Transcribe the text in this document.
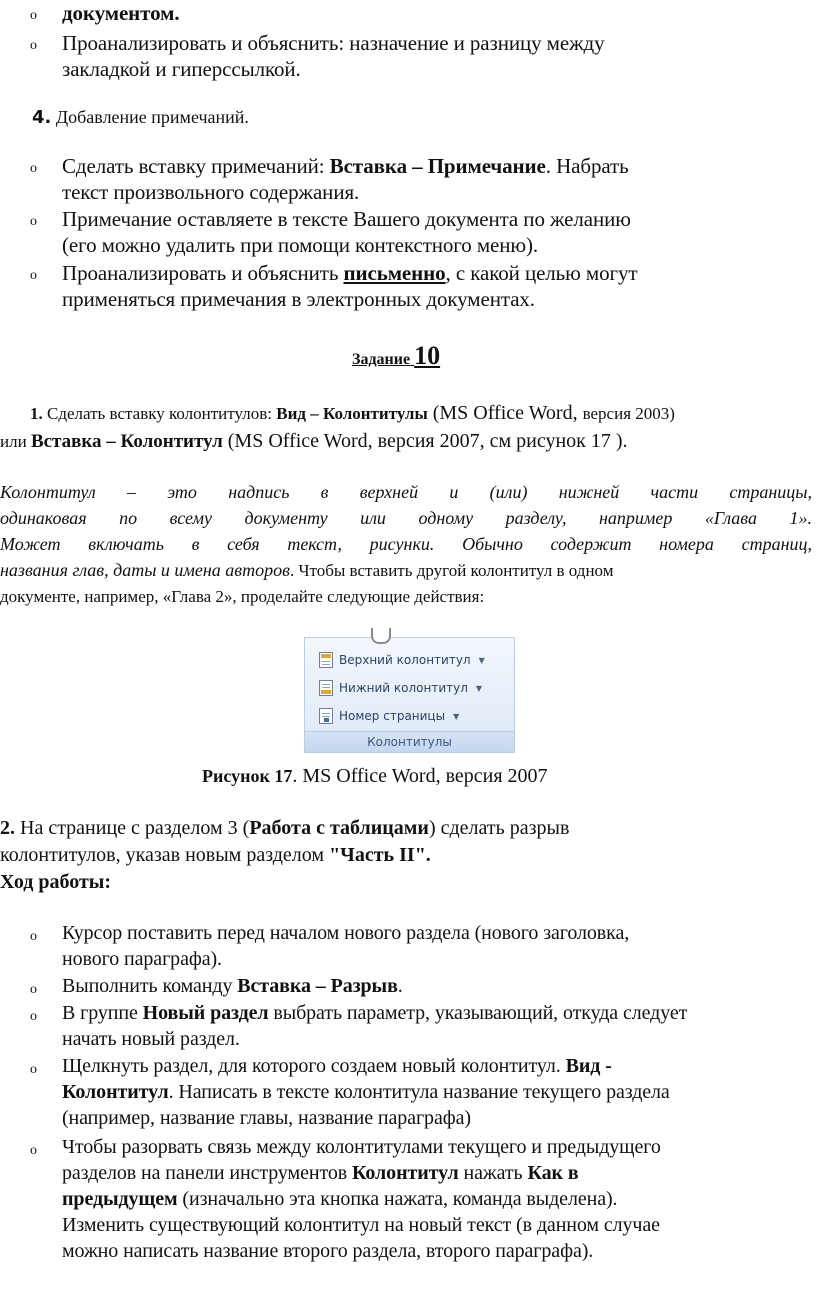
o документом.
o Проанализировать и объяснить: назначение и разницу между
закладкой и гиперссылкой.
4. Добавление примечаний.
o Сделать вставку примечаний: Вставка – Примечание. Набрать
текст произвольного содержания.
o Примечание оставляете в тексте Вашего документа по желанию
(его можно удалить при помощи контекстного меню).
o Проанализировать и объяснить письменно, с какой целью могут
применяться примечания в электронных документах.
Задание 10
1. Сделать вставку колонтитулов: Вид – Колонтитулы (MS Office Word, версия 2003)
или Вставка – Колонтитул (MS Office Word, версия 2007, см рисунок 17 ).
Колонтитул – это надпись в верхней и (или) нижней части страницы,
одинаковая по всему документу или одному разделу, например «Глава 1».
Может включать в себя текст, рисунки. Обычно содержит номера страниц,
названия глав, даты и имена авторов. Чтобы вставить другой колонтитул в одном
документе, например, «Глава 2», проделайте следующие действия:
Верхний колонтитул ▼
Нижний колонтитул ▼
Номер страницы ▼
Колонтитулы
Рисунок 17. MS Office Word, версия 2007
2. На странице с разделом 3 (Работа с таблицами) сделать разрыв
колонтитулов, указав новым разделом "Часть II".
Ход работы:
o Курсор поставить перед началом нового раздела (нового заголовка,
нового параграфа).
o Выполнить команду Вставка – Разрыв.
o В группе Новый раздел выбрать параметр, указывающий, откуда следует
начать новый раздел.
o Щелкнуть раздел, для которого создаем новый колонтитул. Вид -
Колонтитул. Написать в тексте колонтитула название текущего раздела
(например, название главы, название параграфа)
o Чтобы разорвать связь между колонтитулами текущего и предыдущего
разделов на панели инструментов Колонтитул нажать Как в
предыдущем (изначально эта кнопка нажата, команда выделена).
Изменить существующий колонтитул на новый текст (в данном случае
можно написать название второго раздела, второго параграфа).
